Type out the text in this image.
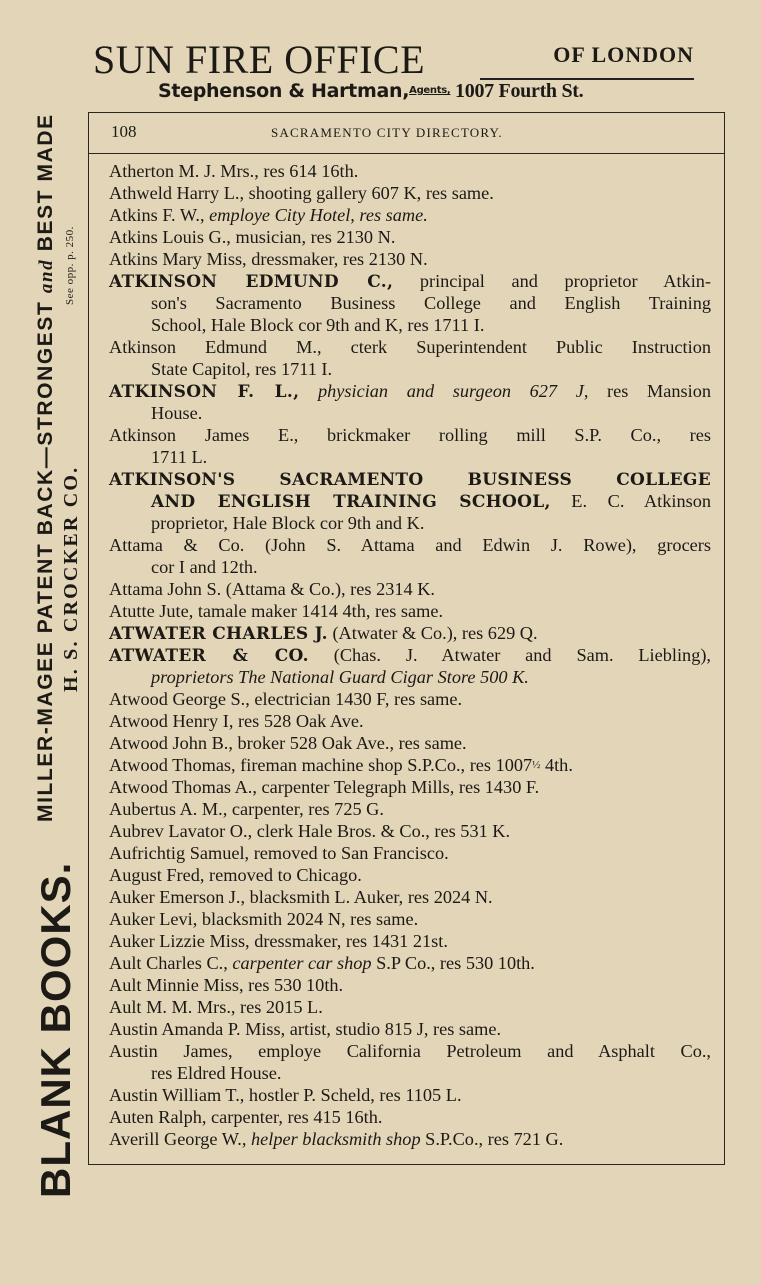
MILLER-MAGEE PATENT BACK—STRONGEST and BEST MADE
BLANK BOOKS.
H. S. CROCKER CO.
See opp. p. 250.
SUN FIRE OFFICE	OF LONDON
Stephenson & Hartman,$^{Agents,}$ 1007 Fourth St.
108	SACRAMENTO CITY DIRECTORY.
Atherton M. J. Mrs., res 614 16th.
Athweld Harry L., shooting gallery 607 K, res same.
Atkins F. W., employe City Hotel, res same.
Atkins Louis G., musician, res 2130 N.
Atkins Mary Miss, dressmaker, res 2130 N.
ATKINSON EDMUND C., principal and proprietor Atkin-
son's Sacramento Business College and English Training
School, Hale Block cor 9th and K, res 1711 I.
Atkinson Edmund M., cterk Superintendent Public Instruction
State Capitol, res 1711 I.
ATKINSON F. L., physician and surgeon 627 J, res Mansion
House.
Atkinson James E., brickmaker rolling mill S.P. Co., res
1711 L.
ATKINSON'S SACRAMENTO BUSINESS COLLEGE
AND ENGLISH TRAINING SCHOOL, E. C. Atkinson
proprietor, Hale Block cor 9th and K.
Attama & Co. (John S. Attama and Edwin J. Rowe), grocers
cor I and 12th.
Attama John S. (Attama & Co.), res 2314 K.
Atutte Jute, tamale maker 1414 4th, res same.
ATWATER CHARLES J. (Atwater & Co.), res 629 Q.
ATWATER & CO. (Chas. J. Atwater and Sam. Liebling),
proprietors The National Guard Cigar Store 500 K.
Atwood George S., electrician 1430 F, res same.
Atwood Henry I, res 528 Oak Ave.
Atwood John B., broker 528 Oak Ave., res same.
Atwood Thomas, fireman machine shop S.P.Co., res 1007½ 4th.
Atwood Thomas A., carpenter Telegraph Mills, res 1430 F.
Aubertus A. M., carpenter, res 725 G.
Aubrev Lavator O., clerk Hale Bros. & Co., res 531 K.
Aufrichtig Samuel, removed to San Francisco.
August Fred, removed to Chicago.
Auker Emerson J., blacksmith L. Auker, res 2024 N.
Auker Levi, blacksmith 2024 N, res same.
Auker Lizzie Miss, dressmaker, res 1431 21st.
Ault Charles C., carpenter car shop S.P Co., res 530 10th.
Ault Minnie Miss, res 530 10th.
Ault M. M. Mrs., res 2015 L.
Austin Amanda P. Miss, artist, studio 815 J, res same.
Austin James, employe California Petroleum and Asphalt Co.,
res Eldred House.
Austin William T., hostler P. Scheld, res 1105 L.
Auten Ralph, carpenter, res 415 16th.
Averill George W., helper blacksmith shop S.P.Co., res 721 G.
